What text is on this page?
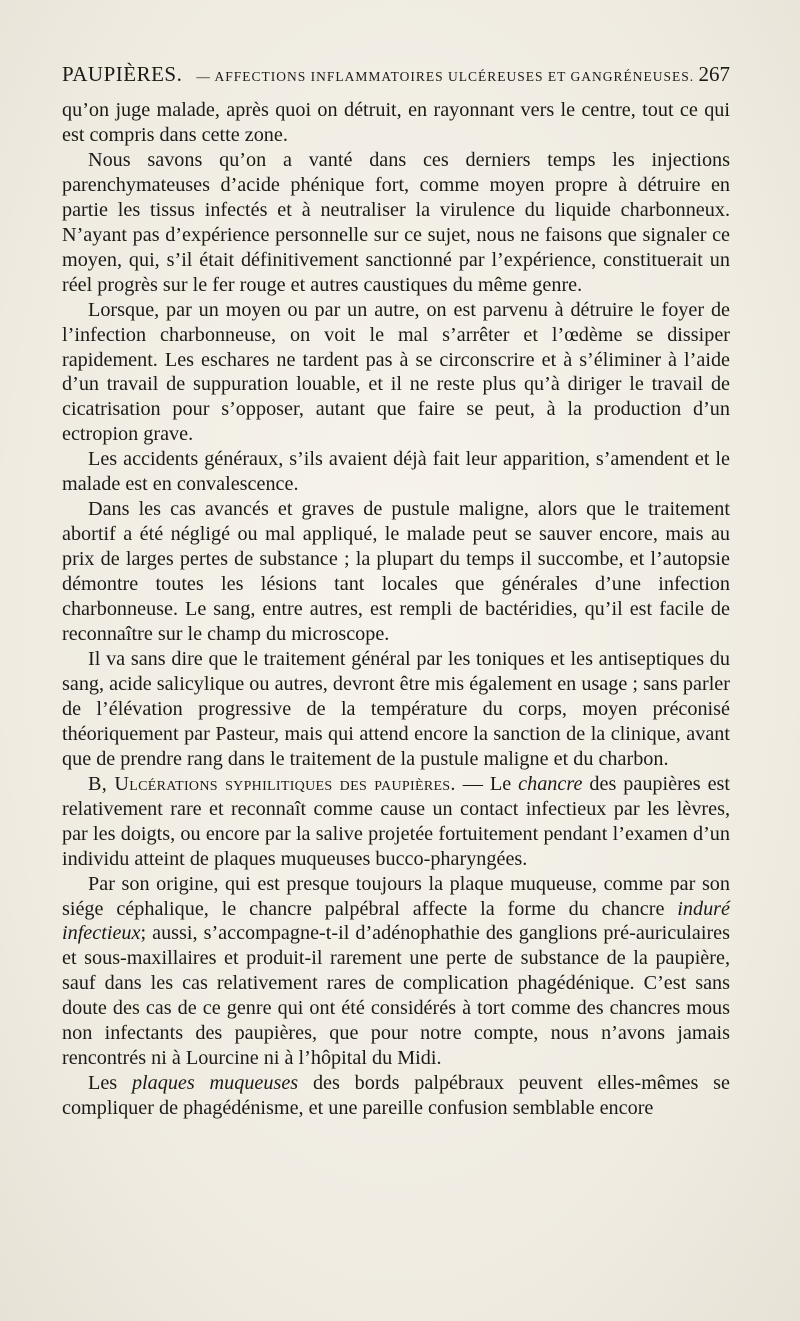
PAUPIÈRES. — AFFECTIONS INFLAMMATOIRES ULCÉREUSES ET GANGRÉNEUSES. 267

qu’on juge malade, après quoi on détruit, en rayonnant vers le centre, tout ce qui est compris dans cette zone.

Nous savons qu’on a vanté dans ces derniers temps les injections parenchymateuses d’acide phénique fort, comme moyen propre à détruire en partie les tissus infectés et à neutraliser la virulence du liquide charbonneux. N’ayant pas d’expérience personnelle sur ce sujet, nous ne faisons que signaler ce moyen, qui, s’il était définitivement sanctionné par l’expérience, constituerait un réel progrès sur le fer rouge et autres caustiques du même genre.

Lorsque, par un moyen ou par un autre, on est parvenu à détruire le foyer de l’infection charbonneuse, on voit le mal s’arrêter et l’œdème se dissiper rapidement. Les eschares ne tardent pas à se circonscrire et à s’éliminer à l’aide d’un travail de suppuration louable, et il ne reste plus qu’à diriger le travail de cicatrisation pour s’opposer, autant que faire se peut, à la production d’un ectropion grave.

Les accidents généraux, s’ils avaient déjà fait leur apparition, s’amendent et le malade est en convalescence.

Dans les cas avancés et graves de pustule maligne, alors que le traitement abortif a été négligé ou mal appliqué, le malade peut se sauver encore, mais au prix de larges pertes de substance ; la plupart du temps il succombe, et l’autopsie démontre toutes les lésions tant locales que générales d’une infection charbonneuse. Le sang, entre autres, est rempli de bactéridies, qu’il est facile de reconnaître sur le champ du microscope.

Il va sans dire que le traitement général par les toniques et les antiseptiques du sang, acide salicylique ou autres, devront être mis également en usage ; sans parler de l’élévation progressive de la température du corps, moyen préconisé théoriquement par Pasteur, mais qui attend encore la sanction de la clinique, avant que de prendre rang dans le traitement de la pustule maligne et du charbon.

B, Ulcérations syphilitiques des paupières. — Le chancre des paupières est relativement rare et reconnaît comme cause un contact infectieux par les lèvres, par les doigts, ou encore par la salive projetée fortuitement pendant l’examen d’un individu atteint de plaques muqueuses bucco-pharyngées.

Par son origine, qui est presque toujours la plaque muqueuse, comme par son siége céphalique, le chancre palpébral affecte la forme du chancre induré infectieux; aussi, s’accompagne-t-il d’adénophathie des ganglions pré-auriculaires et sous-maxillaires et produit-il rarement une perte de substance de la paupière, sauf dans les cas relativement rares de complication phagédénique. C’est sans doute des cas de ce genre qui ont été considérés à tort comme des chancres mous non infectants des paupières, que pour notre compte, nous n’avons jamais rencontrés ni à Lourcine ni à l’hôpital du Midi.

Les plaques muqueuses des bords palpébraux peuvent elles-mêmes se compliquer de phagédénisme, et une pareille confusion semblable encore
